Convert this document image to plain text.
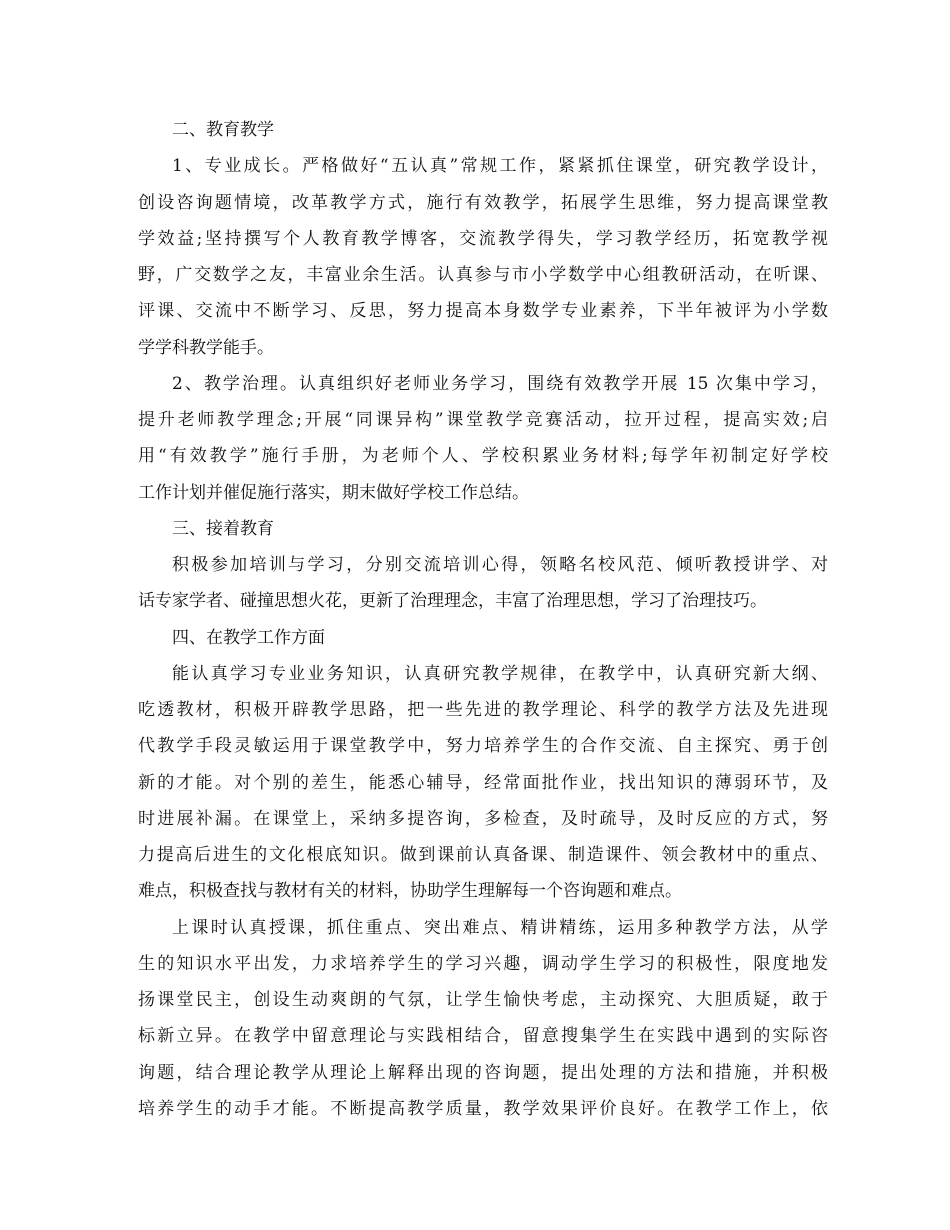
二、教育教学
1、专业成长。严格做好“五认真”常规工作，紧紧抓住课堂，研究教学设计，
创设咨询题情境，改革教学方式，施行有效教学，拓展学生思维，努力提高课堂教
学效益;坚持撰写个人教育教学博客，交流教学得失，学习教学经历，拓宽教学视
野，广交数学之友，丰富业余生活。认真参与市小学数学中心组教研活动，在听课、
评课、交流中不断学习、反思，努力提高本身数学专业素养，下半年被评为小学数
学学科教学能手。
2、教学治理。认真组织好老师业务学习，围绕有效教学开展 15 次集中学习，
提升老师教学理念;开展“同课异构”课堂教学竞赛活动，拉开过程，提高实效;启
用“有效教学”施行手册，为老师个人、学校积累业务材料;每学年初制定好学校
工作计划并催促施行落实，期末做好学校工作总结。
三、接着教育
积极参加培训与学习，分别交流培训心得，领略名校风范、倾听教授讲学、对
话专家学者、碰撞思想火花，更新了治理理念，丰富了治理思想，学习了治理技巧。
四、在教学工作方面
能认真学习专业业务知识，认真研究教学规律，在教学中，认真研究新大纲、
吃透教材，积极开辟教学思路，把一些先进的教学理论、科学的教学方法及先进现
代教学手段灵敏运用于课堂教学中，努力培养学生的合作交流、自主探究、勇于创
新的才能。对个别的差生，能悉心辅导，经常面批作业，找出知识的薄弱环节，及
时进展补漏。在课堂上，采纳多提咨询，多检查，及时疏导，及时反应的方式，努
力提高后进生的文化根底知识。做到课前认真备课、制造课件、领会教材中的重点、
难点，积极查找与教材有关的材料，协助学生理解每一个咨询题和难点。
上课时认真授课，抓住重点、突出难点、精讲精练，运用多种教学方法，从学
生的知识水平出发，力求培养学生的学习兴趣，调动学生学习的积极性，限度地发
扬课堂民主，创设生动爽朗的气氛，让学生愉快考虑，主动探究、大胆质疑，敢于
标新立异。在教学中留意理论与实践相结合，留意搜集学生在实践中遇到的实际咨
询题，结合理论教学从理论上解释出现的咨询题，提出处理的方法和措施，并积极
培养学生的动手才能。不断提高教学质量，教学效果评价良好。在教学工作上，依
